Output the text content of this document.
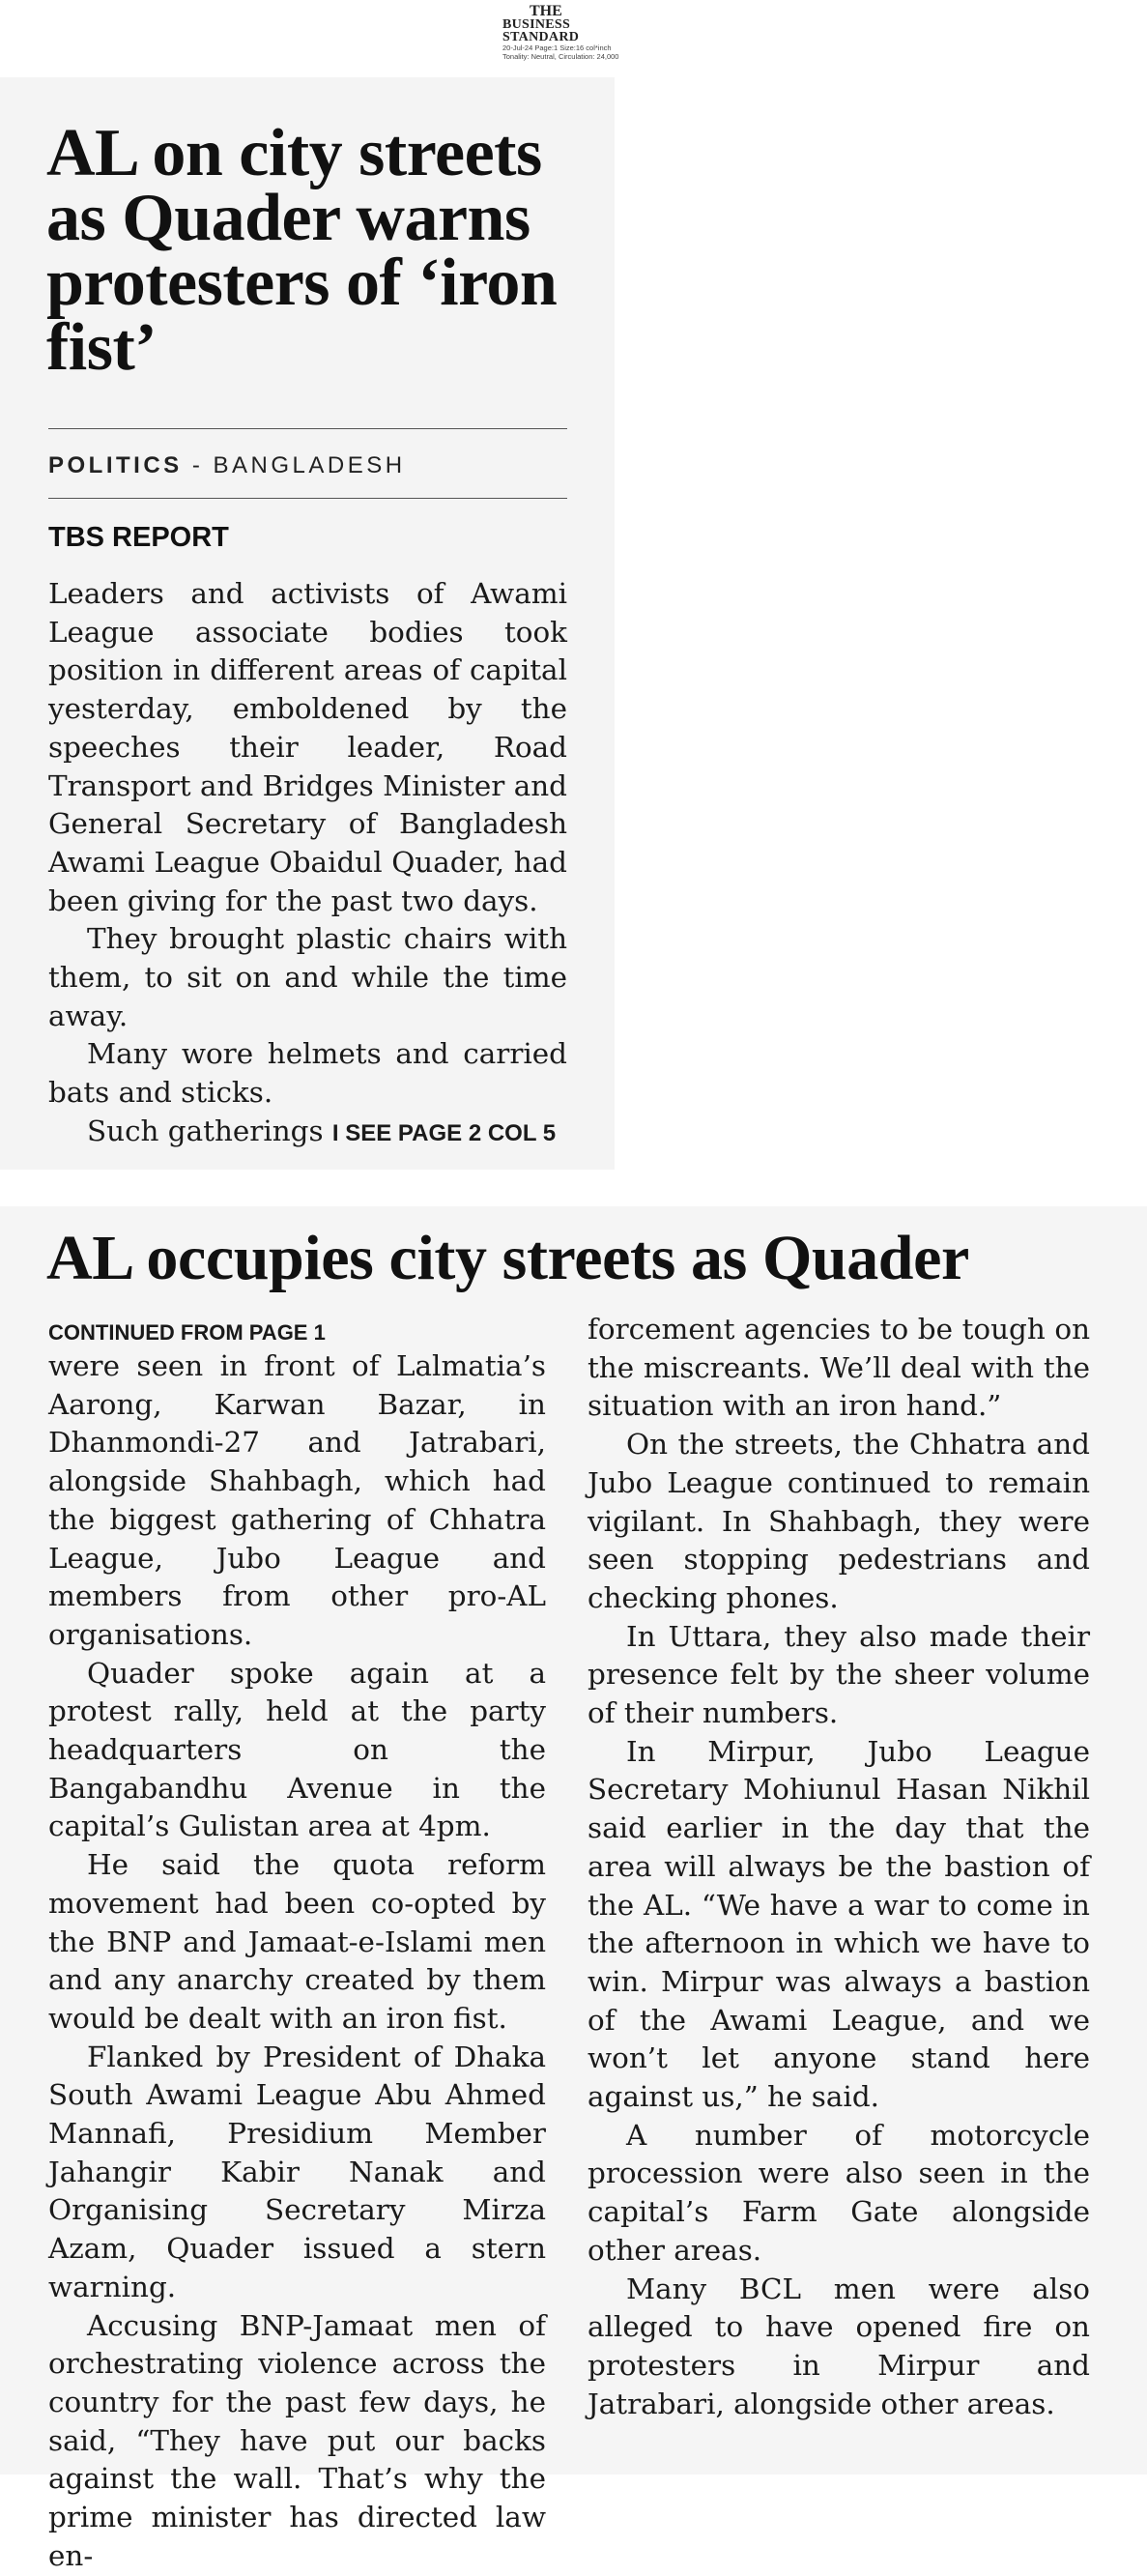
THE
BUSINESS
STANDARD
20-Jul-24 Page:1 Size:16 col*inch
Tonality: Neutral, Circulation: 24,000
AL on city streets as Quader warns protesters of ‘iron fist’
POLITICS - BANGLADESH
TBS REPORT

Leaders and activists of Awami League associate bodies took position in different areas of capital yesterday, emboldened by the speeches their leader, Road Transport and Bridges Minister and General Secretary of Bangladesh Awami League Obaidul Quader, had been giving for the past two days.

They brought plastic chairs with them, to sit on and while the time away.

Many wore helmets and carried bats and sticks.

Such gatherings I SEE PAGE 2 COL 5

AL occupies city streets as Quader
CONTINUED FROM PAGE 1

were seen in front of Lalmatia’s Aarong, Karwan Bazar, in Dhanmondi-27 and Jatrabari, alongside Shahbagh, which had the biggest gathering of Chhatra League, Jubo League and members from other pro-AL organisations.

Quader spoke again at a protest rally, held at the party headquarters on the Bangabandhu Avenue in the capital’s Gulistan area at 4pm.

He said the quota reform movement had been co-opted by the BNP and Jamaat-e-Islami men and any anarchy created by them would be dealt with an iron fist.

Flanked by President of Dhaka South Awami League Abu Ahmed Mannafi, Presidium Member Jahangir Kabir Nanak and Organising Secretary Mirza Azam, Quader issued a stern warning.

Accusing BNP-Jamaat men of orchestrating violence across the country for the past few days, he said, “They have put our backs against the wall. That’s why the prime minister has directed law en-

forcement agencies to be tough on the miscreants. We’ll deal with the situation with an iron hand.”

On the streets, the Chhatra and Jubo League continued to remain vigilant. In Shahbagh, they were seen stopping pedestrians and checking phones.

In Uttara, they also made their presence felt by the sheer volume of their numbers.

In Mirpur, Jubo League Secretary Mohiunul Hasan Nikhil said earlier in the day that the area will always be the bastion of the AL. “We have a war to come in the afternoon in which we have to win. Mirpur was always a bastion of the Awami League, and we won’t let anyone stand here against us,” he said.

A number of motorcycle procession were also seen in the capital’s Farm Gate alongside other areas.

Many BCL men were also alleged to have opened fire on protesters in Mirpur and Jatrabari, alongside other areas.
